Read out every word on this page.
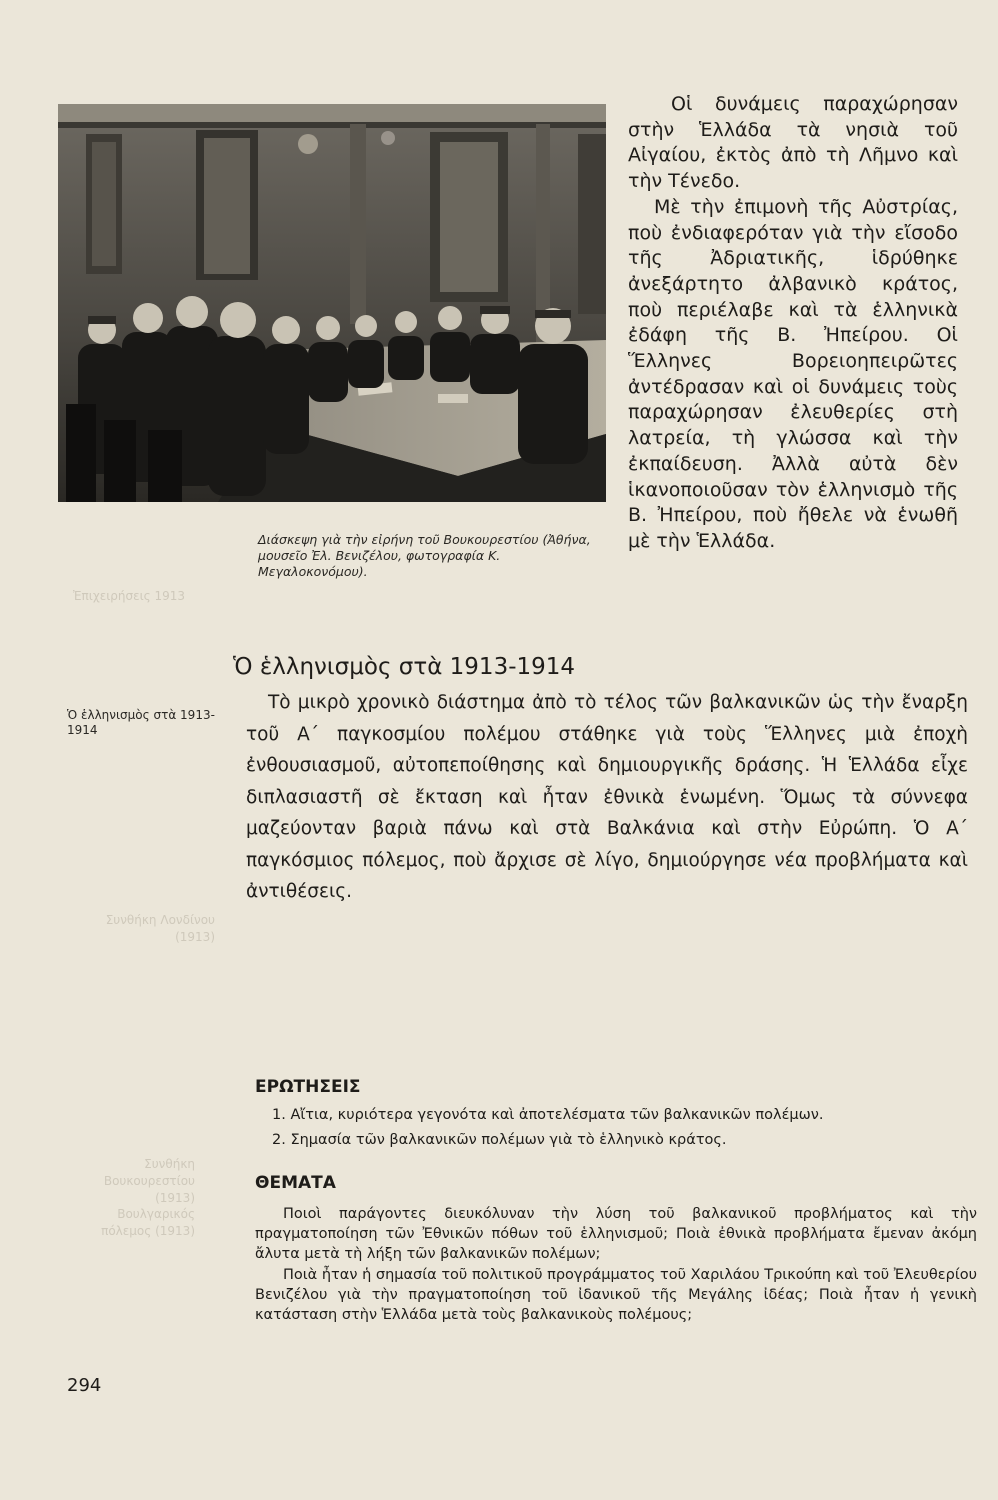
Ἐπιχειρήσεις 1913
Συνθήκη Λονδίνου (1913)
Συνθήκη Βουκουρεστίου (1913)
Βουλγαρικός πόλεμος (1913)
Διάσκεψη γιὰ τὴν εἰρήνη τοῦ Βουκουρεστίου (Ἀθήνα, μουσεῖο Ἐλ. Βενιζέλου, φωτογραφία Κ. Μεγαλοκονόμου).

Οἱ δυνάμεις παραχώρησαν στὴν Ἑλλάδα τὰ νησιὰ τοῦ Αἰγαίου, ἐκτὸς ἀπὸ τὴ Λῆμνο καὶ τὴν Τένεδο.

Μὲ τὴν ἐπιμονὴ τῆς Αὐστρίας, ποὺ ἐνδιαφερόταν γιὰ τὴν εἴσοδο τῆς Ἀδριατικῆς, ἱδρύθηκε ἀνεξάρτητο ἀλβανικὸ κράτος, ποὺ περιέλαβε καὶ τὰ ἑλληνικὰ ἐδάφη τῆς Β. Ἠπείρου. Οἱ Ἕλληνες Βορειοηπειρῶτες ἀντέδρασαν καὶ οἱ δυνάμεις τοὺς παραχώρησαν ἐλευθερίες στὴ λατρεία, τὴ γλώσσα καὶ τὴν ἐκπαίδευση. Ἀλλὰ αὐτὰ δὲν ἱκανοποιοῦσαν τὸν ἑλληνισμὸ τῆς Β. Ἠπείρου, ποὺ ἤθελε νὰ ἑνωθῆ μὲ τὴν Ἑλλάδα.

Ὁ ἑλληνισμὸς στὰ 1913-1914
Ὁ ἑλληνισμὸς στὰ 1913-1914

Τὸ μικρὸ χρονικὸ διάστημα ἀπὸ τὸ τέλος τῶν βαλκανικῶν ὡς τὴν ἔναρξη τοῦ Α΄ παγκοσμίου πολέμου στάθηκε γιὰ τοὺς Ἕλληνες μιὰ ἐποχὴ ἐνθουσιασμοῦ, αὐτοπεποίθησης καὶ δημιουργικῆς δράσης. Ἡ Ἑλλάδα εἶχε διπλασιαστῆ σὲ ἔκταση καὶ ἦταν ἐθνικὰ ἑνωμένη. Ὅμως τὰ σύννεφα μαζεύονταν βαριὰ πάνω καὶ στὰ Βαλκάνια καὶ στὴν Εὐρώπη. Ὁ Α΄ παγκόσμιος πόλεμος, ποὺ ἄρχισε σὲ λίγο, δημιούργησε νέα προβλήματα καὶ ἀντιθέσεις.

ΕΡΩΤΗΣΕΙΣ
1. Αἴτια, κυριότερα γεγονότα καὶ ἀποτελέσματα τῶν βαλκανικῶν πολέμων.
2. Σημασία τῶν βαλκανικῶν πολέμων γιὰ τὸ ἑλληνικὸ κράτος.
ΘΕΜΑΤΑ

Ποιοὶ παράγοντες διευκόλυναν τὴν λύση τοῦ βαλκανικοῦ προβλήματος καὶ τὴν πραγματοποίηση τῶν Ἐθνικῶν πόθων τοῦ ἑλληνισμοῦ; Ποιὰ ἐθνικὰ προβλήματα ἔμεναν ἀκόμη ἄλυτα μετὰ τὴ λήξη τῶν βαλκανικῶν πολέμων;

Ποιὰ ἦταν ἡ σημασία τοῦ πολιτικοῦ προγράμματος τοῦ Χαριλάου Τρικούπη καὶ τοῦ Ἐλευθερίου Βενιζέλου γιὰ τὴν πραγματοποίηση τοῦ ἰδανικοῦ τῆς Μεγάλης ἰδέας; Ποιὰ ἦταν ἡ γενικὴ κατάσταση στὴν Ἑλλάδα μετὰ τοὺς βαλκανικοὺς πολέμους;

294
